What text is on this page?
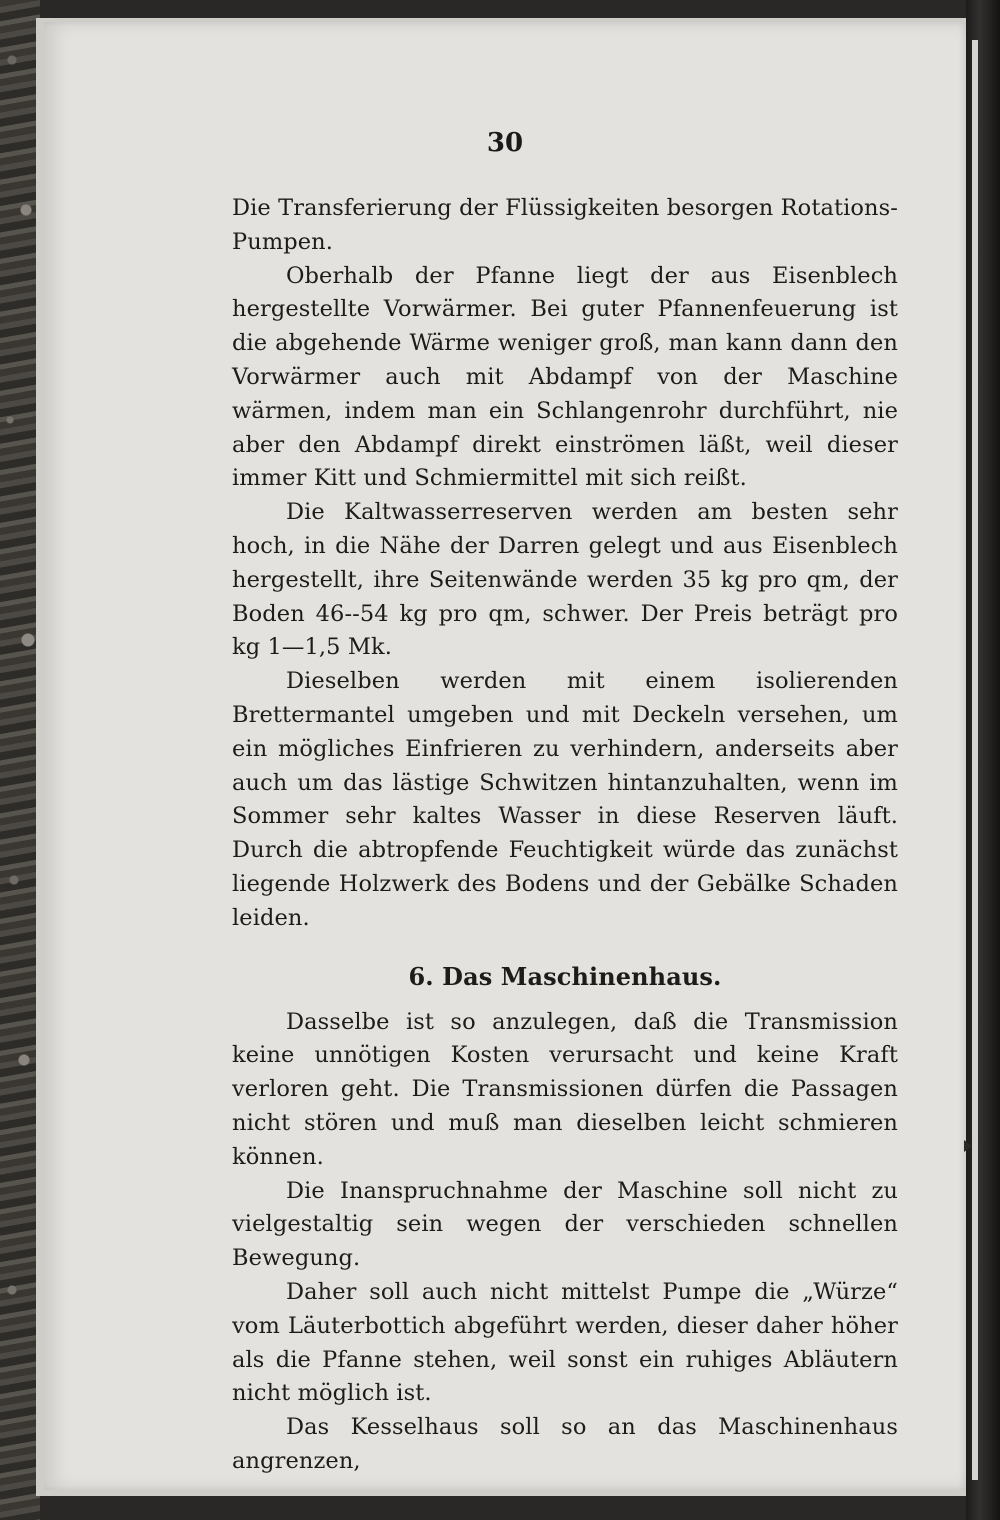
30

Die Transferierung der Flüssigkeiten besorgen Rotations-Pumpen.

Oberhalb der Pfanne liegt der aus Eisenblech hergestellte Vorwärmer. Bei guter Pfannenfeuerung ist die abgehende Wärme weniger groß, man kann dann den Vorwärmer auch mit Abdampf von der Maschine wärmen, indem man ein Schlangenrohr durchführt, nie aber den Abdampf direkt einströmen läßt, weil dieser immer Kitt und Schmiermittel mit sich reißt.

Die Kaltwasserreserven werden am besten sehr hoch, in die Nähe der Darren gelegt und aus Eisenblech hergestellt, ihre Seitenwände werden 35 kg pro qm, der Boden 46--54 kg pro qm, schwer. Der Preis beträgt pro kg 1—1,5 Mk.

Dieselben werden mit einem isolierenden Brettermantel umgeben und mit Deckeln versehen, um ein mögliches Einfrieren zu verhindern, anderseits aber auch um das lästige Schwitzen hintanzuhalten, wenn im Sommer sehr kaltes Wasser in diese Reserven läuft. Durch die abtropfende Feuchtigkeit würde das zunächst liegende Holzwerk des Bodens und der Gebälke Schaden leiden.

6. Das Maschinenhaus.

Dasselbe ist so anzulegen, daß die Transmission keine unnötigen Kosten verursacht und keine Kraft verloren geht. Die Transmissionen dürfen die Passagen nicht stören und muß man dieselben leicht schmieren können.

Die Inanspruchnahme der Maschine soll nicht zu vielgestaltig sein wegen der verschieden schnellen Bewegung.

Daher soll auch nicht mittelst Pumpe die „Würze“ vom Läuterbottich abgeführt werden, dieser daher höher als die Pfanne stehen, weil sonst ein ruhiges Abläutern nicht möglich ist.

Das Kesselhaus soll so an das Maschinenhaus angrenzen,
